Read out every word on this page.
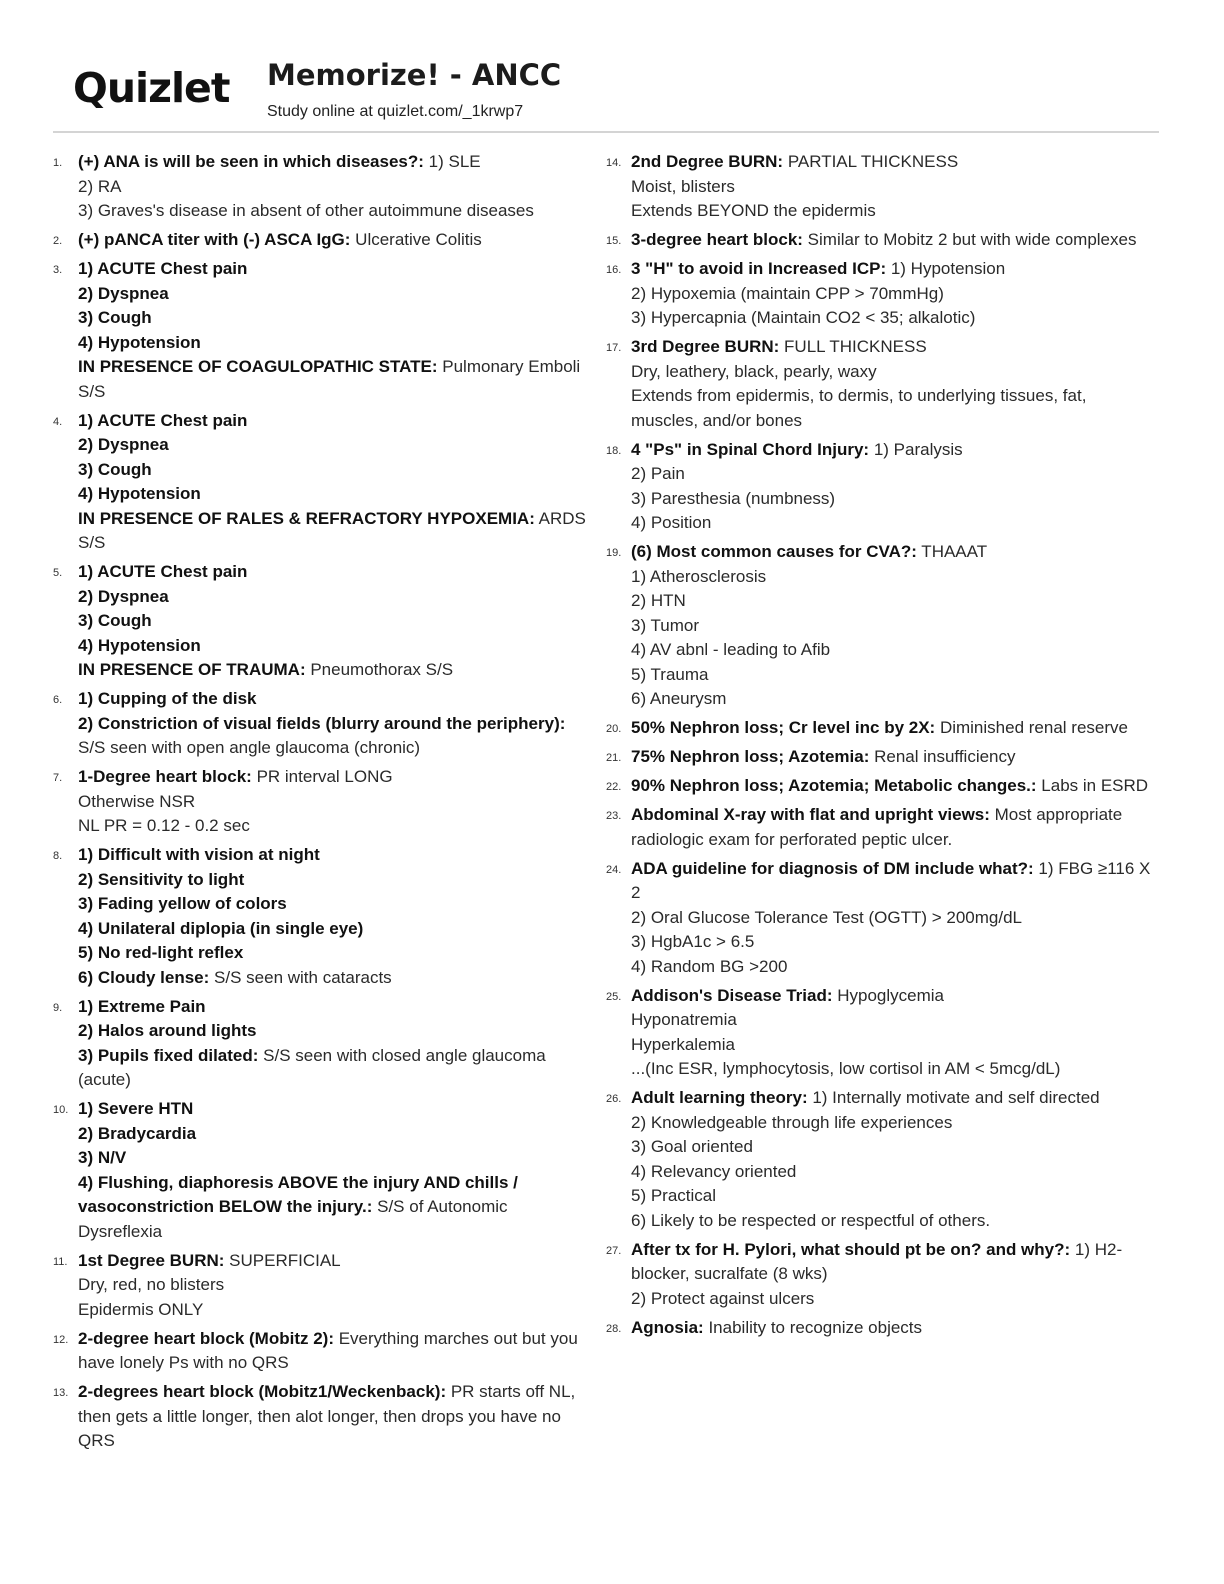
Quizlet Memorize! - ANCC
Study online at quizlet.com/_1krwp7
1. (+) ANA is will be seen in which diseases?: 1) SLE

2) RA

3) Graves's disease in absent of other autoimmune diseases

2. (+) pANCA titer with (-) ASCA IgG: Ulcerative Colitis

3. 1) ACUTE Chest pain

2) Dyspnea

3) Cough

4) Hypotension

IN PRESENCE OF COAGULOPATHIC STATE: Pulmonary Emboli S/S

4. 1) ACUTE Chest pain

2) Dyspnea

3) Cough

4) Hypotension

IN PRESENCE OF RALES & REFRACTORY HYPOXEMIA: ARDS S/S

5. 1) ACUTE Chest pain

2) Dyspnea

3) Cough

4) Hypotension

IN PRESENCE OF TRAUMA: Pneumothorax S/S

6. 1) Cupping of the disk

2) Constriction of visual fields (blurry around the periphery):

S/S seen with open angle glaucoma (chronic)

7. 1-Degree heart block: PR interval LONG

Otherwise NSR

NL PR = 0.12 - 0.2 sec

8. 1) Difficult with vision at night

2) Sensitivity to light

3) Fading yellow of colors

4) Unilateral diplopia (in single eye)

5) No red-light reflex

6) Cloudy lense: S/S seen with cataracts

9. 1) Extreme Pain

2) Halos around lights

3) Pupils fixed dilated: S/S seen with closed angle glaucoma (acute)

10. 1) Severe HTN

2) Bradycardia

3) N/V

4) Flushing, diaphoresis ABOVE the injury AND chills / vasoconstriction BELOW the injury.: S/S of Autonomic Dysreflexia

11. 1st Degree BURN: SUPERFICIAL

Dry, red, no blisters

Epidermis ONLY

12. 2-degree heart block (Mobitz 2): Everything marches out but you have lonely Ps with no QRS

13. 2-degrees heart block (Mobitz1/Weckenback): PR starts off NL, then gets a little longer, then alot longer, then drops you have no QRS

14. 2nd Degree BURN: PARTIAL THICKNESS

Moist, blisters

Extends BEYOND the epidermis

15. 3-degree heart block: Similar to Mobitz 2 but with wide complexes

16. 3 "H" to avoid in Increased ICP: 1) Hypotension

2) Hypoxemia (maintain CPP > 70mmHg)

3) Hypercapnia (Maintain CO2 < 35; alkalotic)

17. 3rd Degree BURN: FULL THICKNESS

Dry, leathery, black, pearly, waxy

Extends from epidermis, to dermis, to underlying tissues, fat, muscles, and/or bones

18. 4 "Ps" in Spinal Chord Injury: 1) Paralysis

2) Pain

3) Paresthesia (numbness)

4) Position

19. (6) Most common causes for CVA?: THAAAT

1) Atherosclerosis

2) HTN

3) Tumor

4) AV abnl - leading to Afib

5) Trauma

6) Aneurysm

20. 50% Nephron loss; Cr level inc by 2X: Diminished renal reserve

21. 75% Nephron loss; Azotemia: Renal insufficiency

22. 90% Nephron loss; Azotemia; Metabolic changes.: Labs in ESRD

23. Abdominal X-ray with flat and upright views: Most appropriate radiologic exam for perforated peptic ulcer.

24. ADA guideline for diagnosis of DM include what?: 1) FBG ≥116 X 2

2) Oral Glucose Tolerance Test (OGTT) > 200mg/dL

3) HgbA1c > 6.5

4) Random BG >200

25. Addison's Disease Triad: Hypoglycemia

Hyponatremia

Hyperkalemia

...(Inc ESR, lymphocytosis, low cortisol in AM < 5mcg/dL)

26. Adult learning theory: 1) Internally motivate and self directed

2) Knowledgeable through life experiences

3) Goal oriented

4) Relevancy oriented

5) Practical

6) Likely to be respected or respectful of others.

27. After tx for H. Pylori, what should pt be on? and why?: 1) H2-blocker, sucralfate (8 wks)

2) Protect against ulcers

28. Agnosia: Inability to recognize objects
